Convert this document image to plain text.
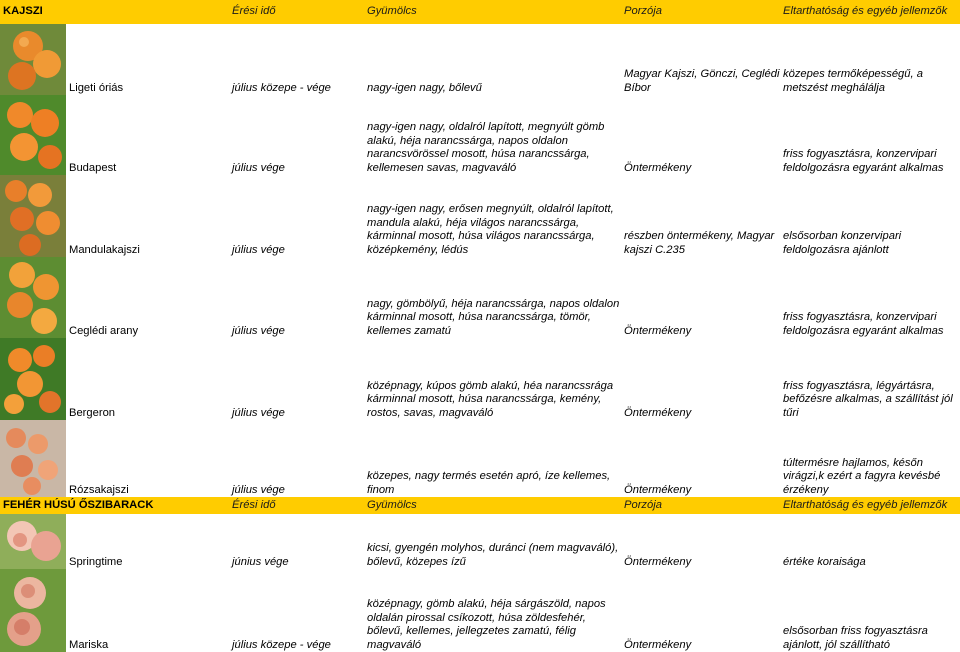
KAJSZI		Érési idő	Gyümölcs	Porzója	Eltarthatóság és egyéb jellemzők

	Ligeti óriás	július közepe - vége	nagy-igen nagy, bőlevű	Magyar Kajszi, Gönczi, Ceglédi Bíbor	közepes termőképességű, a metszést meghálálja

	Budapest	július vége	nagy-igen nagy, oldalról lapított, megnyúlt gömb alakú, héja narancssárga, napos oldalon narancsvörössel mosott, húsa narancssárga, kellemesen savas, magvaváló	Öntermékeny	friss fogyasztásra, konzervipari feldolgozásra egyaránt alkalmas

	Mandulakajszi	július vége	nagy-igen nagy, erősen megnyúlt, oldalról lapított, mandula alakú, héja világos narancssárga, kárminnal mosott, húsa világos narancssárga, középkemény, lédús	részben öntermékeny, Magyar kajszi C.235	elsősorban konzervipari feldolgozásra ajánlott

	Ceglédi arany	július vége	nagy, gömbölyű, héja narancssárga, napos oldalon kárminnal mosott, húsa narancssárga, tömör, kellemes zamatú	Öntermékeny	friss fogyasztásra, konzervipari feldolgozásra egyaránt alkalmas

	Bergeron	július vége	középnagy, kúpos gömb alakú, héa narancssrága kárminnal mosott, húsa narancssárga, kemény, rostos, savas, magvaváló	Öntermékeny	friss fogyasztásra, légyártásra, befőzésre alkalmas, a szállítást jól tűri

	Rózsakajszi	július vége	közepes, nagy termés esetén apró, íze kellemes, finom	Öntermékeny	túltermésre hajlamos, későn virágzi,k ezért a fagyra kevésbé érzékeny
FEHÉR HÚSÚ ŐSZIBARACK		Érési idő	Gyümölcs	Porzója	Eltarthatóság és egyéb jellemzők

	Springtime	június vége	kicsi, gyengén molyhos, duránci (nem magvaváló), bőlevű, közepes ízű	Öntermékeny	értéke koraisága

	Mariska	július közepe - vége	középnagy, gömb alakú, héja sárgászöld, napos oldalán pirossal csíkozott, húsa zöldesfehér, bőlevű, kellemes, jellegzetes zamatú, félig magvaváló	Öntermékeny	elsősorban friss fogyasztásra ajánlott, jól szállítható
